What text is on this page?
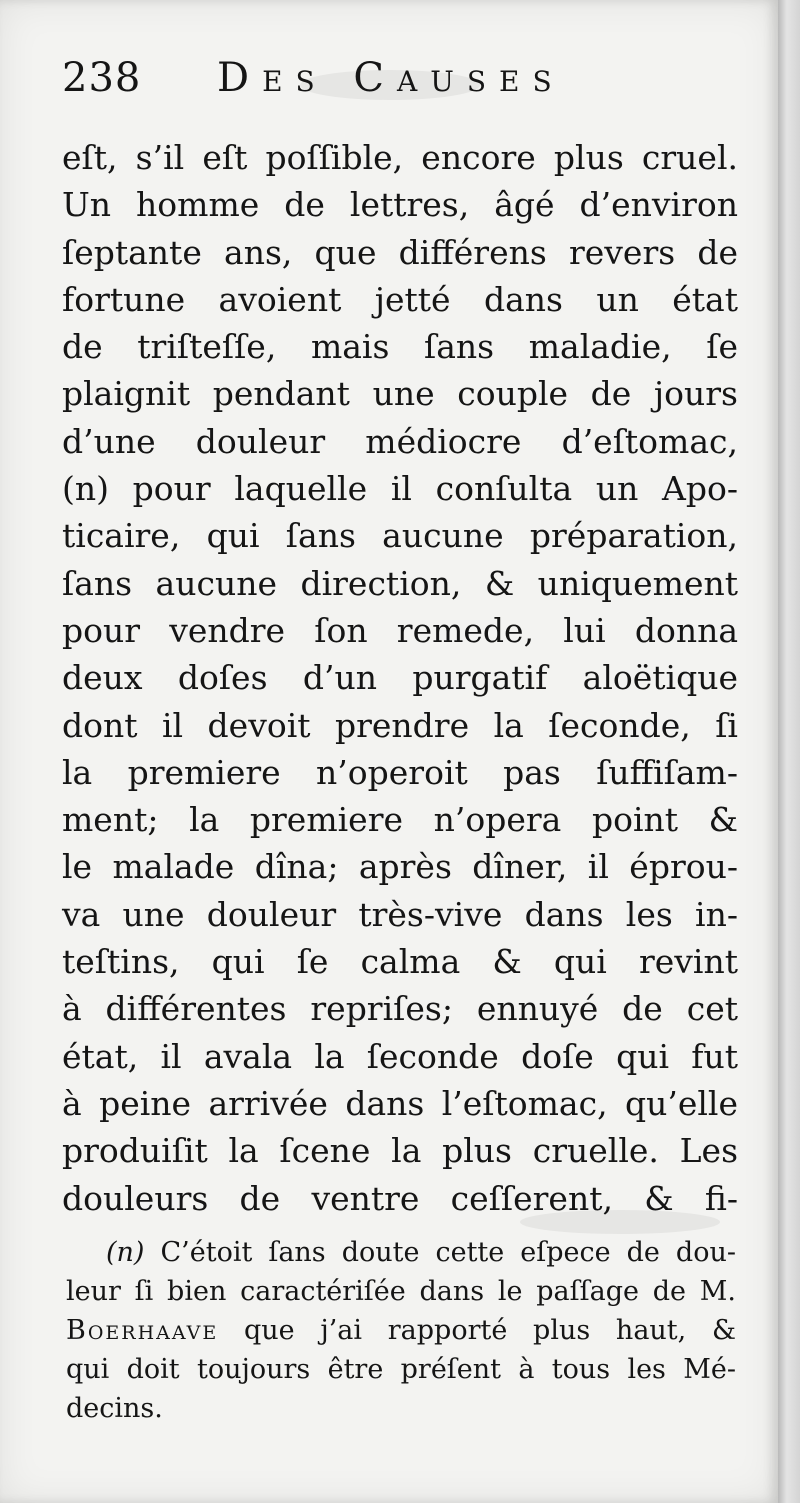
238 Des Causes
eſt, s’il eſt poſſible, encore plus cruel.
Un homme de lettres, âgé d’environ
ſeptante ans, que différens revers de
fortune avoient jetté dans un état
de triſteſſe, mais ſans maladie, ſe
plaignit pendant une couple de jours
d’une douleur médiocre d’eſtomac,
(n) pour laquelle il conſulta un Apo-
ticaire, qui ſans aucune préparation,
ſans aucune direction, & uniquement
pour vendre ſon remede, lui donna
deux doſes d’un purgatif aloëtique
dont il devoit prendre la ſeconde, ſi
la premiere n’operoit pas ſuffiſam-
ment; la premiere n’opera point &
le malade dîna; après dîner, il éprou-
va une douleur très-vive dans les in-
teſtins, qui ſe calma & qui revint
à différentes repriſes; ennuyé de cet
état, il avala la ſeconde doſe qui fut
à peine arrivée dans l’eſtomac, qu’elle
produiſit la ſcene la plus cruelle. Les
douleurs de ventre ceſſerent, & fi-
(n) C’étoit ſans doute cette eſpece de dou-
leur ſi bien caractériſée dans le paſſage de M.
Boerhaave que j’ai rapporté plus haut, &
qui doit toujours être préſent à tous les Mé-
decins.
